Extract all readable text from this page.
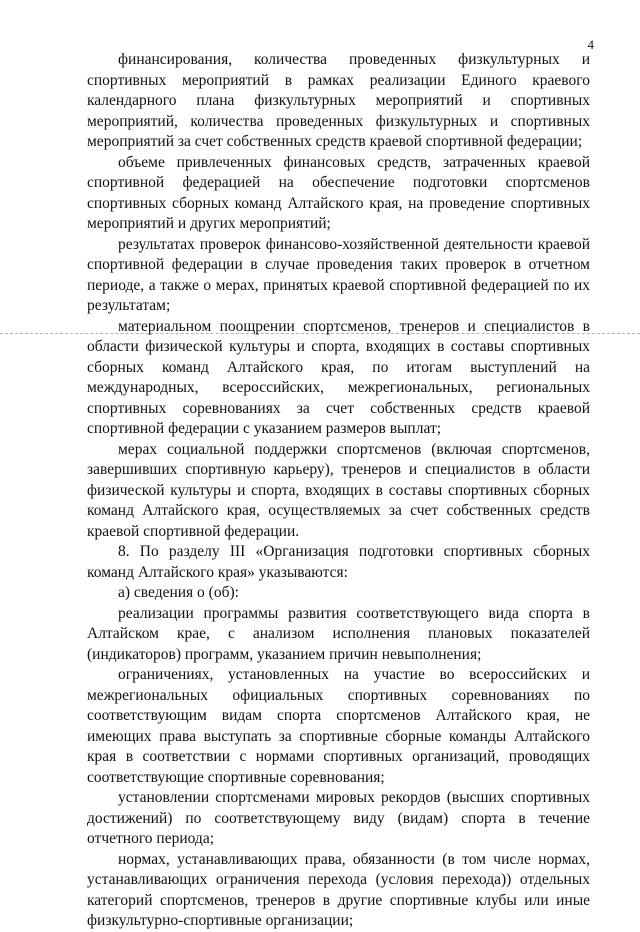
4

финансирования, количества проведенных физкультурных и спортивных мероприятий в рамках реализации Единого краевого календарного плана физкультурных мероприятий и спортивных мероприятий, количества проведенных физкультурных и спортивных мероприятий за счет собственных средств краевой спортивной федерации;

объеме привлеченных финансовых средств, затраченных краевой спортивной федерацией на обеспечение подготовки спортсменов спортивных сборных команд Алтайского края, на проведение спортивных мероприятий и других мероприятий;

результатах проверок финансово-хозяйственной деятельности краевой спортивной федерации в случае проведения таких проверок в отчетном периоде, а также о мерах, принятых краевой спортивной федерацией по их результатам;

материальном поощрении спортсменов, тренеров и специалистов в области физической культуры и спорта, входящих в составы спортивных сборных команд Алтайского края, по итогам выступлений на международных, всероссийских, межрегиональных, региональных спортивных соревнованиях за счет собственных средств краевой спортивной федерации с указанием размеров выплат;

мерах социальной поддержки спортсменов (включая спортсменов, завершивших спортивную карьеру), тренеров и специалистов в области физической культуры и спорта, входящих в составы спортивных сборных команд Алтайского края, осуществляемых за счет собственных средств краевой спортивной федерации.

8. По разделу III «Организация подготовки спортивных сборных команд Алтайского края» указываются:

а) сведения о (об):

реализации программы развития соответствующего вида спорта в Алтайском крае, с анализом исполнения плановых показателей (индикаторов) программ, указанием причин невыполнения;

ограничениях, установленных на участие во всероссийских и межрегиональных официальных спортивных соревнованиях по соответствующим видам спорта спортсменов Алтайского края, не имеющих права выступать за спортивные сборные команды Алтайского края в соответствии с нормами спортивных организаций, проводящих соответствующие спортивные соревнования;

установлении спортсменами мировых рекордов (высших спортивных достижений) по соответствующему виду (видам) спорта в течение отчетного периода;

нормах, устанавливающих права, обязанности (в том числе нормах, устанавливающих ограничения перехода (условия перехода)) отдельных категорий спортсменов, тренеров в другие спортивные клубы или иные физкультурно-спортивные организации;
